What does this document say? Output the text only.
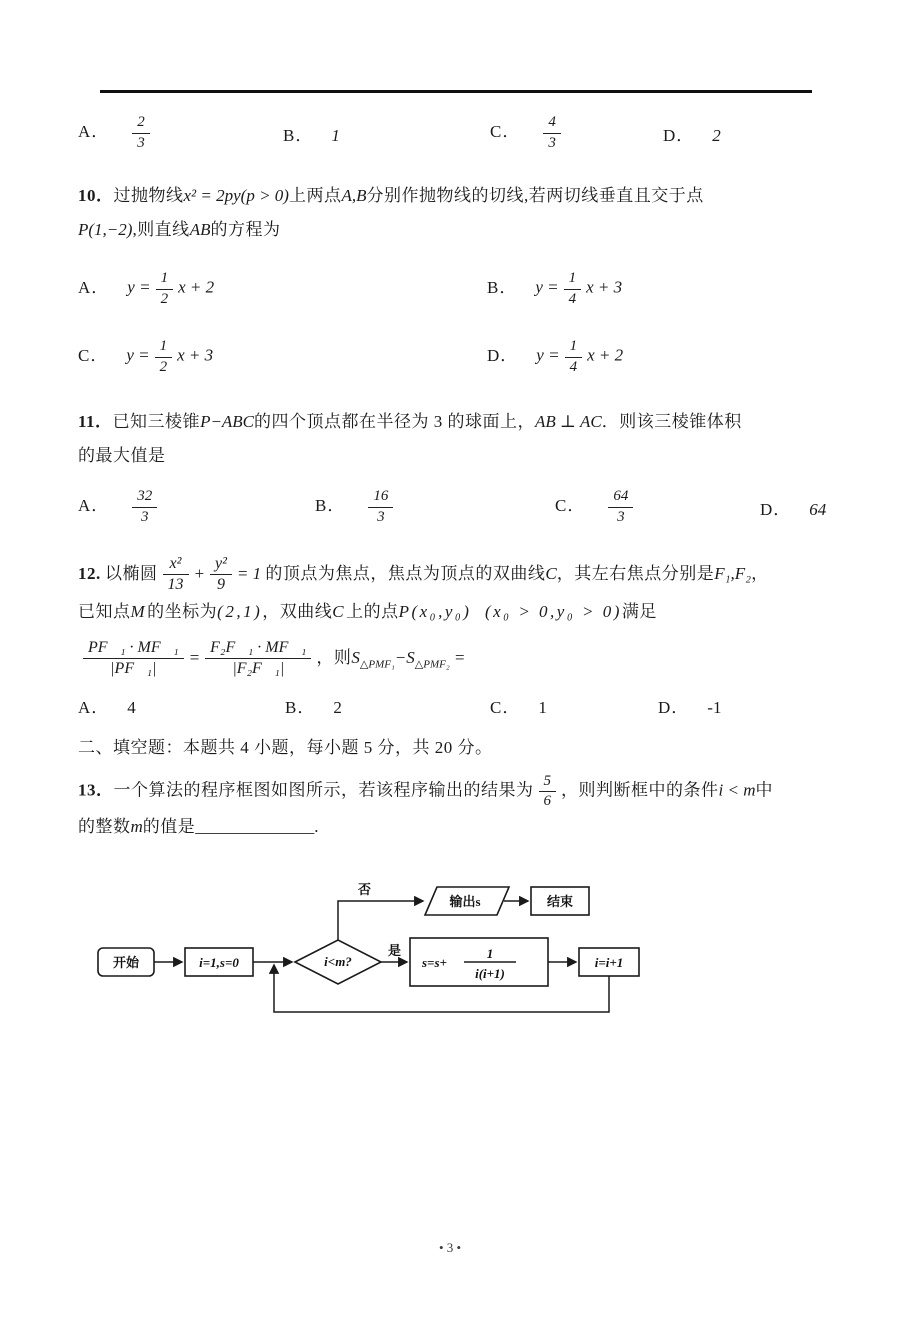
A． $\frac{2}{3}$	B． 1	C． $\frac{4}{3}$	D． 2
10．过抛物线x² = 2py(p > 0)上两点A,B分别作抛物线的切线,若两切线垂直且交于点
P(1,−2),则直线AB的方程为
A． $y = \frac{1}{2}$ x + 2	B． $y = \frac{1}{4}$ x + 3
C． $y = \frac{1}{2}$ x + 3	D． $y = \frac{1}{4}$ x + 2
11．已知三棱锥P−ABC的四个顶点都在半径为 3 的球面上，AB ⊥ AC．则该三棱锥体积
的最大值是
A． $\frac{32}{3}$	B． $\frac{16}{3}$	C． $\frac{64}{3}$	D． 64
12. 以椭圆 $\frac{\text{x²}}{13} + \frac{\text{y²}}{9} = 1$ 的顶点为焦点，焦点为顶点的双曲线C，其左右焦点分别是F₁,F₂，
已知点M的坐标为(2,1)，双曲线C上的点P(x₀,y₀) (x₀ > 0,y₀ > 0)满足
$\frac{\text{PF⃗₁ · MF⃗₁}}{\text{|PF⃗₁|}} = \frac{\text{F₂F⃗₁ · MF⃗₁}}{\text{|F₂F⃗₁|}}$ ，则$S_{\triangle PMF_1}-S_{\triangle PMF_2}$ =
A． 4	B． 2	C． 1	D． -1
二、填空题：本题共 4 小题，每小题 5 分，共 20 分。
13．一个算法的程序框图如图所示，若该程序输出的结果为 $\frac{5}{6}$ ，则判断框中的条件i < m中
的整数m的值是______________.
否
输出s	结束
开始	i=1,s=0	i<m?
是
s=s+
1
i(i+1)
i=i+1
• 3 •
